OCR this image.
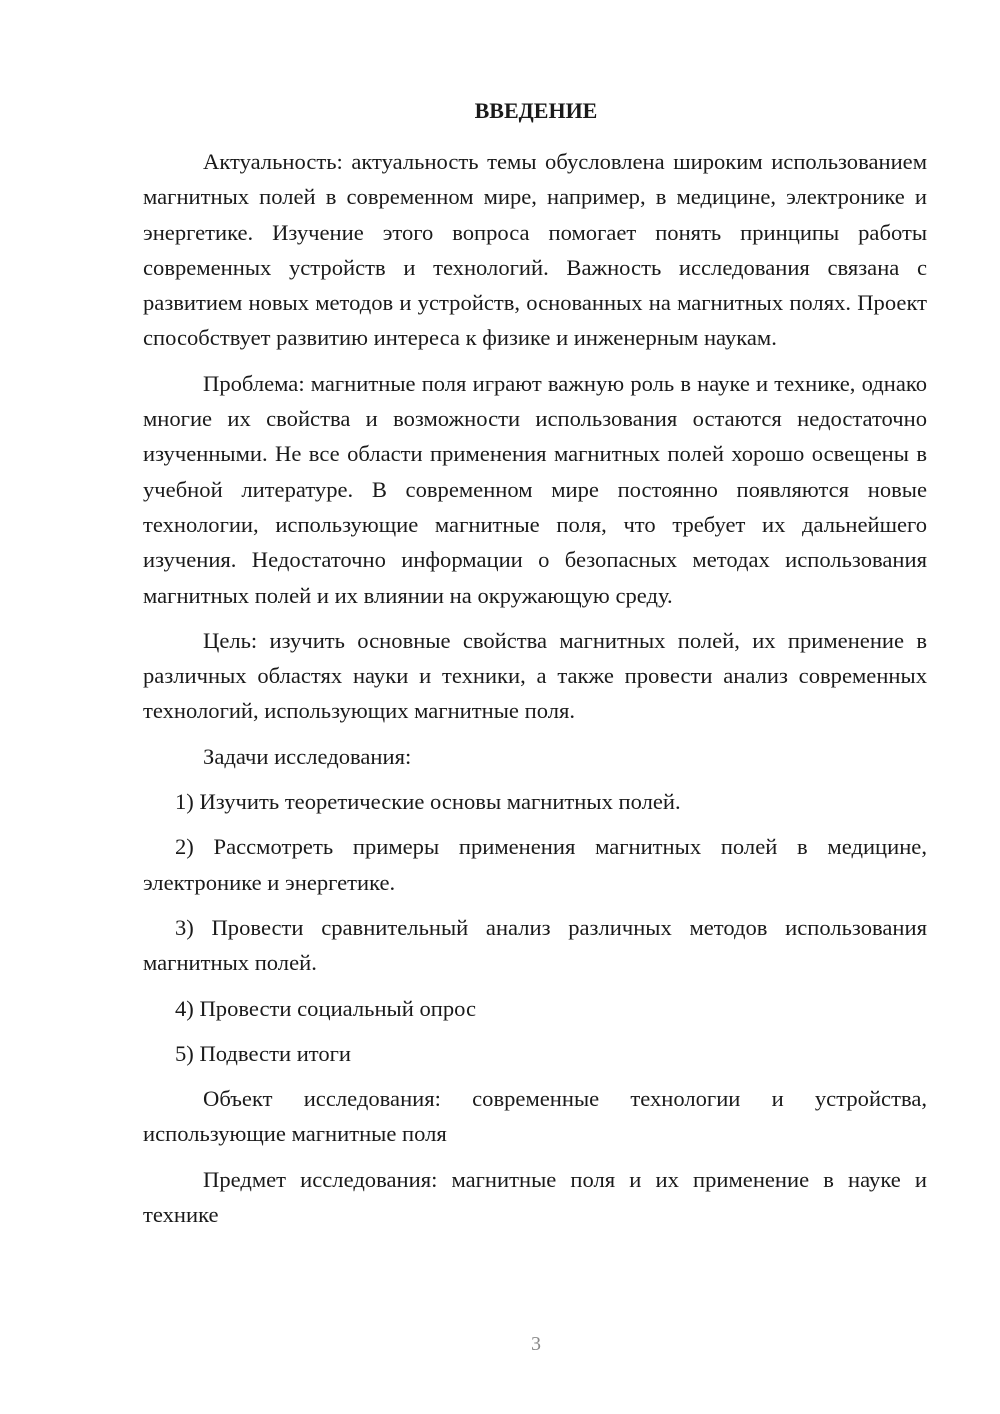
ВВЕДЕНИЕ

Актуальность: актуальность темы обусловлена широким использованием магнитных полей в современном мире, например, в медицине, электронике и энергетике. Изучение этого вопроса помогает понять принципы работы современных устройств и технологий. Важность исследования связана с развитием новых методов и устройств, основанных на магнитных полях. Проект способствует развитию интереса к физике и инженерным наукам.

Проблема: магнитные поля играют важную роль в науке и технике, однако многие их свойства и возможности использования остаются недостаточно изученными. Не все области применения магнитных полей хорошо освещены в учебной литературе. В современном мире постоянно появляются новые технологии, использующие магнитные поля, что требует их дальнейшего изучения. Недостаточно информации о безопасных методах использования магнитных полей и их влиянии на окружающую среду.

Цель: изучить основные свойства магнитных полей, их применение в различных областях науки и техники, а также провести анализ современных технологий, использующих магнитные поля.

Задачи исследования:

1) Изучить теоретические основы магнитных полей.

2) Рассмотреть примеры применения магнитных полей в медицине, электронике и энергетике.

3) Провести сравнительный анализ различных методов использования магнитных полей.

4) Провести социальный опрос

5) Подвести итоги

Объект исследования: современные технологии и устройства, использующие магнитные поля

Предмет исследования: магнитные поля и их применение в науке и технике

3
